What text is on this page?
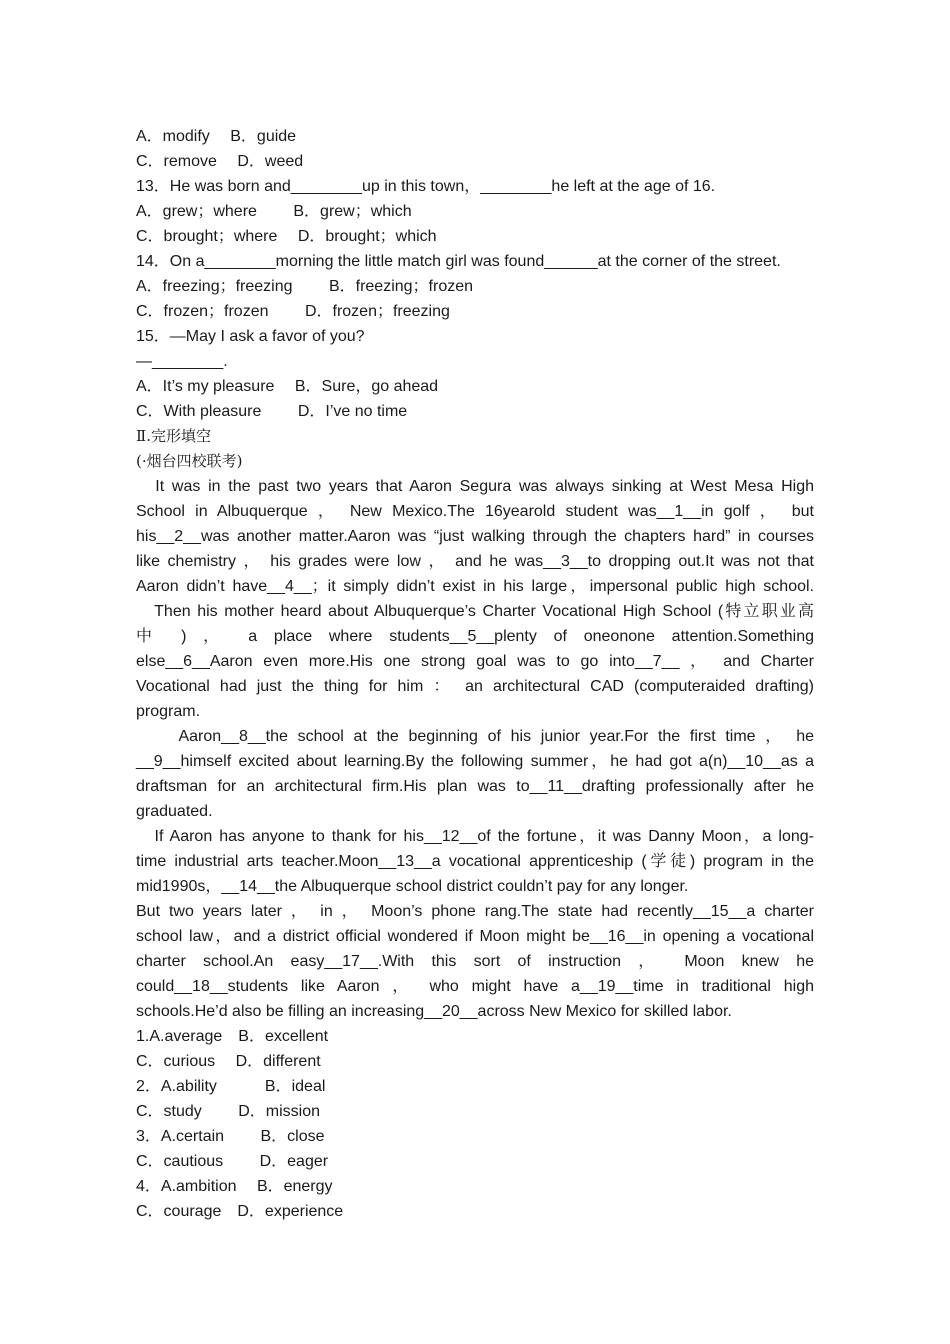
A．modify　 B．guide
C．remove　 D．weed
13．He was born and________up in this town，________he left at the age of 16.
A．grew；where　　 B．grew；which
C．brought；where　 D．brought；which
14．On a________morning the little match girl was found______at the corner of the street.
A．freezing；freezing　　 B．freezing；frozen
C．frozen；frozen　　 D．frozen；freezing
15．—May I ask a favor of you?
—________.
A．It’s my pleasure　 B．Sure，go ahead
C．With pleasure　　 D．I’ve no time
Ⅱ.完形填空
(·烟台四校联考)
　It was in the past two years that Aaron Segura was always sinking at West Mesa High
School in Albuquerque ， New Mexico.The 16yearold student was__1__in golf ， but
his__2__was another matter.Aaron was “just walking through the chapters hard” in courses
like chemistry ， his grades were low ， and he was__3__to dropping out.It was not that
Aaron didn’t have__4__；it simply didn’t exist in his large，impersonal public high school.
　Then his mother heard about Albuquerque’s Charter Vocational High School (特立职业高
中 ) ， a place where students__5__plenty of oneonone attention.Something
else__6__Aaron even more.His one strong goal was to go into__7__ ， and Charter
Vocational had just the thing for him ： an architectural CAD (computeraided drafting)
program.
　　Aaron__8__the school at the beginning of his junior year.For the first time ， he
__9__himself excited about learning.By the following summer，he had got a(n)__10__as a
draftsman for an architectural firm.His plan was to__11__drafting professionally after he
graduated.
　If Aaron has anyone to thank for his__12__of the fortune，it was Danny Moon，a long-
time industrial arts teacher.Moon__13__a vocational apprenticeship (学徒) program in the
mid1990s，__14__the Albuquerque school district couldn’t pay for any longer.
But two years later ， in ， Moon’s phone rang.The state had recently__15__a charter
school law，and a district official wondered if Moon might be__16__in opening a vocational
charter school.An easy__17__.With this sort of instruction ， Moon knew he
could__18__students like Aaron ， who might have a__19__time in traditional high
schools.He’d also be filling an increasing__20__across New Mexico for skilled labor.
1.A.average　B．excellent
C．curious　 D．different
2．A.ability　　　B．ideal
C．study　　 D．mission
3．A.certain　　 B．close
C．cautious　　 D．eager
4．A.ambition　 B．energy
C．courage　D．experience
